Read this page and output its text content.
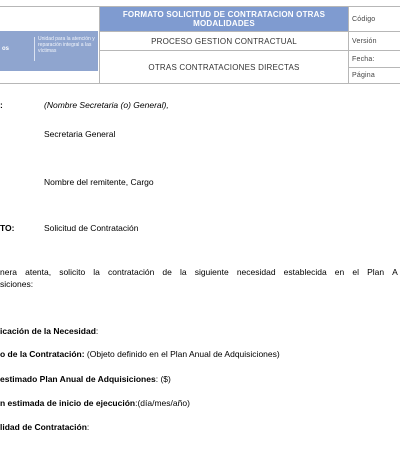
os
Unidad para la atención y reparación integral a las víctimas
FORMATO SOLICITUD DE CONTRATACION OTRAS MODALIDADES
PROCESO GESTION CONTRACTUAL
OTRAS CONTRATACIONES DIRECTAS
Código
Versión
Fecha:
Página
:	(Nombre Secretaria (o) General),
Secretaria General
Nombre del remitente, Cargo
TO:	Solicitud de Contratación
nera atenta, solicito la contratación de la siguiente necesidad establecida en el Plan A
siciones:
icación de la Necesidad:
o de la Contratación: (Objeto definido en el Plan Anual de Adquisiciones)
estimado Plan Anual de Adquisiciones: ($)
n estimada de inicio de ejecución:(día/mes/año)
lidad de Contratación:
